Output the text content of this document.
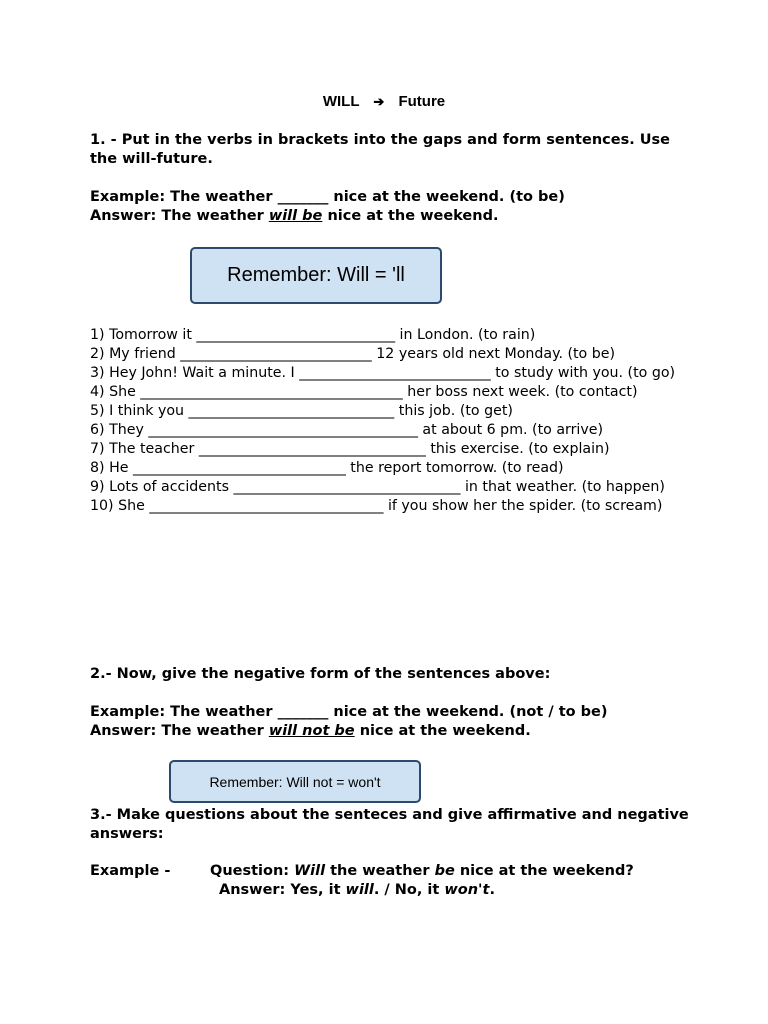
WILL ➔ Future
1. - Put in the verbs in brackets into the gaps and form sentences. Use the will-future.
Example: The weather _______ nice at the weekend. (to be)
Answer: The weather will be nice at the weekend.
Remember: Will = 'll
1) Tomorrow it ____________________________ in London. (to rain)
2) My friend ___________________________ 12 years old next Monday. (to be)
3) Hey John! Wait a minute. I ___________________________ to study with you. (to go)
4) She _____________________________________ her boss next week. (to contact)
5) I think you _____________________________ this job. (to get)
6) They ______________________________________ at about 6 pm. (to arrive)
7) The teacher ________________________________ this exercise. (to explain)
8) He ______________________________ the report tomorrow. (to read)
9) Lots of accidents ________________________________ in that weather. (to happen)
10) She _________________________________ if you show her the spider. (to scream)
2.- Now, give the negative form of the sentences above:
Example: The weather _______ nice at the weekend. (not / to be)
Answer: The weather will not be nice at the weekend.
Remember: Will not = won't
3.- Make questions about the senteces and give affirmative and negative answers:
Example -	Question: Will the weather be nice at the weekend?
Answer: Yes, it will. / No, it won't.
